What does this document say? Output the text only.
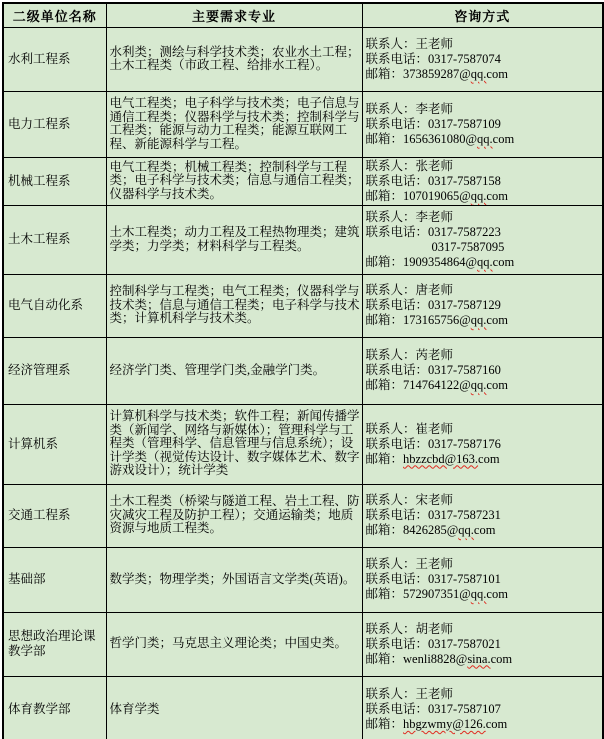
二级单位名称	主要需求专业	咨询方式

水利工程系	水利类；测绘与科学技术类；农业水土工程；土木工程类（市政工程、给排水工程）。	联系人：王老师
联系电话：0317-7587074
邮箱：373859287@qq.com

电力工程系	电气工程类；电子科学与技术类；电子信息与通信工程类；仪器科学与技术类；控制科学与工程类；能源与动力工程类；能源互联网工程、新能源科学与工程。	联系人：李老师
联系电话：0317-7587109
邮箱：1656361080@qq.com

机械工程系	电气工程类；机械工程类；控制科学与工程类；电子科学与技术类；信息与通信工程类；仪器科学与技术类。	联系人：张老师
联系电话：0317-7587158
邮箱：107019065@qq.com

土木工程系	土木工程类；动力工程及工程热物理类；建筑学类；力学类；材料科学与工程类。	联系人：李老师
联系电话：0317-7587223
0317-7587095
邮箱：1909354864@qq.com

电气自动化系	控制科学与工程类；电气工程类；仪器科学与技术类；信息与通信工程类；电子科学与技术类；计算机科学与技术类。	联系人：唐老师
联系电话：0317-7587129
邮箱：173165756@qq.com

经济管理系	经济学门类、管理学门类,金融学门类。	联系人：芮老师
联系电话：0317-7587160
邮箱：714764122@qq.com

计算机系	计算机科学与技术类；软件工程；新闻传播学类（新闻学、网络与新媒体）；管理科学与工程类（管理科学、信息管理与信息系统）；设计学类（视觉传达设计、数字媒体艺术、数字游戏设计）；统计学类	联系人：崔老师
联系电话：0317-7587176
邮箱：hbzzcbd@163.com

交通工程系	土木工程类（桥梁与隧道工程、岩土工程、防灾减灾工程及防护工程）；交通运输类；地质资源与地质工程类。	联系人：宋老师
联系电话：0317-7587231
邮箱：8426285@qq.com

基础部	数学类；物理学类；外国语言文学类(英语)。	联系人：王老师
联系电话：0317-7587101
邮箱：572907351@qq.com

思想政治理论课教学部	哲学门类；马克思主义理论类；中国史类。	联系人：胡老师
联系电话：0317-7587021
邮箱：wenli8828@sina.com

体育教学部	体育学类	联系人：王老师
联系电话：0317-7587107
邮箱：hbgzwmy@126.com
